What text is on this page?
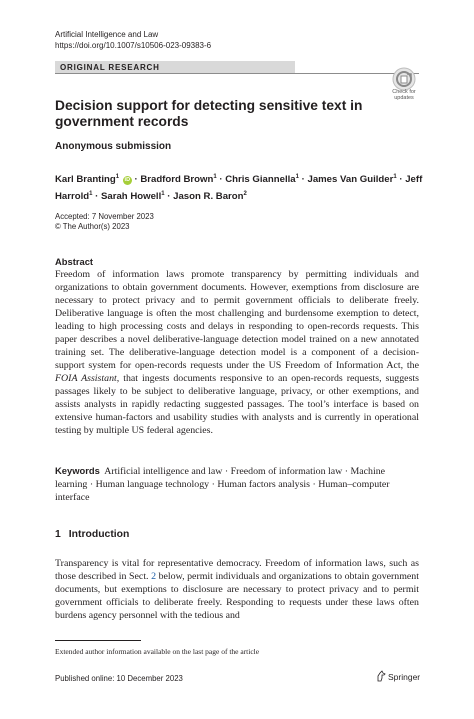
Artificial Intelligence and Law
https://doi.org/10.1007/s10506-023-09383-6
ORIGINAL RESEARCH
Check for
updates
Decision support for detecting sensitive text in government records
Anonymous submission
Karl Branting$^1$ iD · Bradford Brown$^1$ · Chris Giannella$^1$ · James Van Guilder$^1$ · Jeff Harrold$^1$ · Sarah Howell$^1$ · Jason R. Baron$^2$
Accepted: 7 November 2023
© The Author(s) 2023
Abstract
Freedom of information laws promote transparency by permitting individuals and organizations to obtain government documents. However, exemptions from disclosure are necessary to protect privacy and to permit government officials to deliberate freely. Deliberative language is often the most challenging and burdensome exemption to detect, leading to high processing costs and delays in responding to open-records requests. This paper describes a novel deliberative-language detection model trained on a new annotated training set. The deliberative-language detection model is a component of a decision-support system for open-records requests under the US Freedom of Information Act, the FOIA Assistant, that ingests documents responsive to an open-records requests, suggests passages likely to be subject to deliberative language, privacy, or other exemptions, and assists analysts in rapidly redacting suggested passages. The tool’s interface is based on extensive human-factors and usability studies with analysts and is currently in operational testing by multiple US federal agencies.
Keywords Artificial intelligence and law · Freedom of information law · Machine learning · Human language technology · Human factors analysis · Human–computer interface
1 Introduction
Transparency is vital for representative democracy. Freedom of information laws, such as those described in Sect. 2 below, permit individuals and organizations to obtain government documents, but exemptions to disclosure are necessary to protect privacy and to permit government officials to deliberate freely. Responding to requests under these laws often burdens agency personnel with the tedious and
Extended author information available on the last page of the article
Published online: 10 December 2023	Springer
